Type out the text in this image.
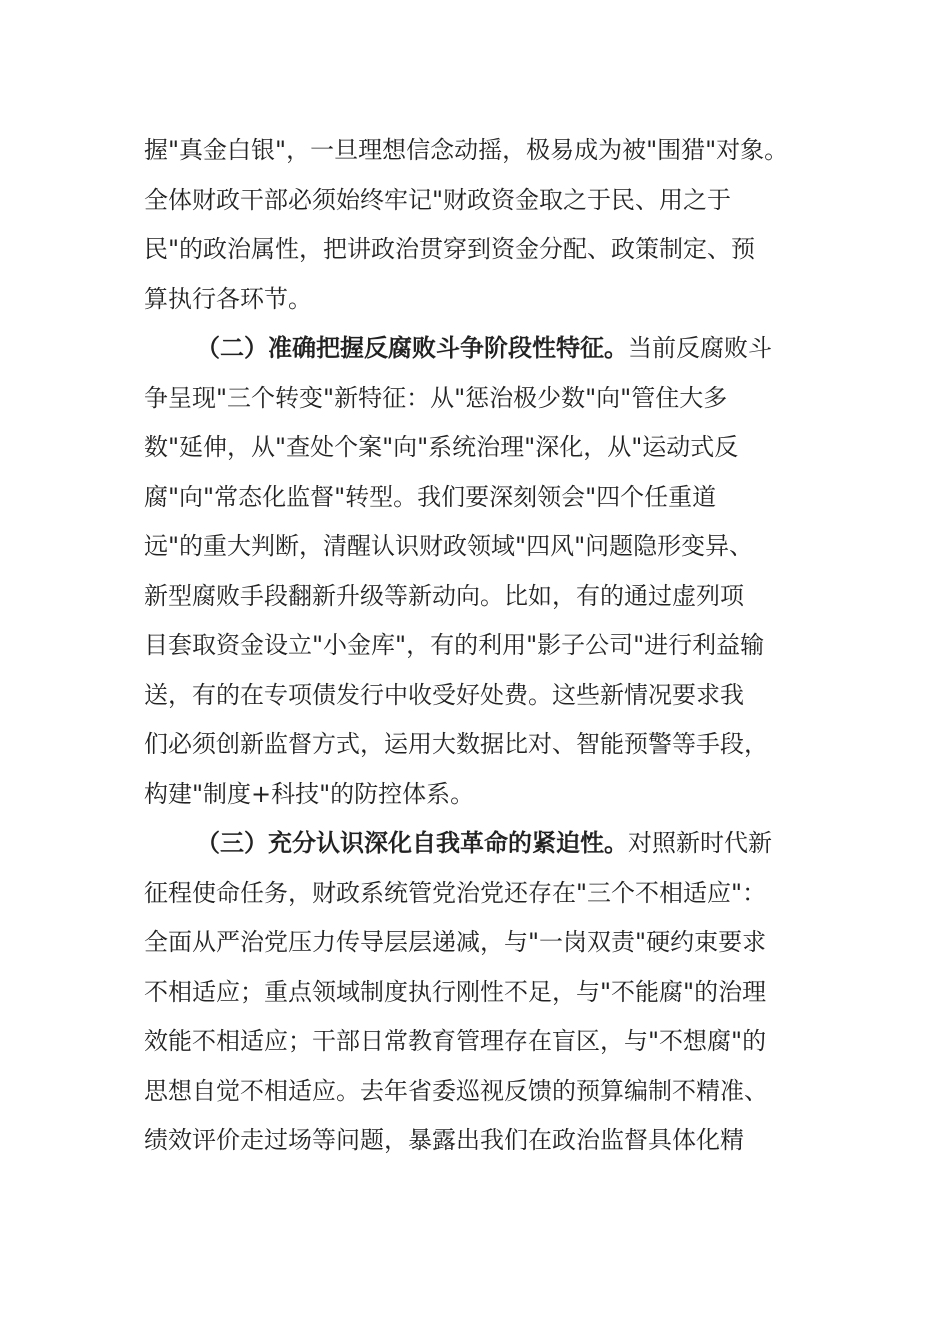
握"真金白银"，一旦理想信念动摇，极易成为被"围猎"对象。
全体财政干部必须始终牢记"财政资金取之于民、用之于
民"的政治属性，把讲政治贯穿到资金分配、政策制定、预
算执行各环节。
（二）准确把握反腐败斗争阶段性特征。当前反腐败斗
争呈现"三个转变"新特征：从"惩治极少数"向"管住大多
数"延伸，从"查处个案"向"系统治理"深化，从"运动式反
腐"向"常态化监督"转型。我们要深刻领会"四个任重道
远"的重大判断，清醒认识财政领域"四风"问题隐形变异、
新型腐败手段翻新升级等新动向。比如，有的通过虚列项
目套取资金设立"小金库"，有的利用"影子公司"进行利益输
送，有的在专项债发行中收受好处费。这些新情况要求我
们必须创新监督方式，运用大数据比对、智能预警等手段，
构建"制度+科技"的防控体系。
（三）充分认识深化自我革命的紧迫性。对照新时代新
征程使命任务，财政系统管党治党还存在"三个不相适应"：
全面从严治党压力传导层层递减，与"一岗双责"硬约束要求
不相适应；重点领域制度执行刚性不足，与"不能腐"的治理
效能不相适应；干部日常教育管理存在盲区，与"不想腐"的
思想自觉不相适应。去年省委巡视反馈的预算编制不精准、
绩效评价走过场等问题，暴露出我们在政治监督具体化精
